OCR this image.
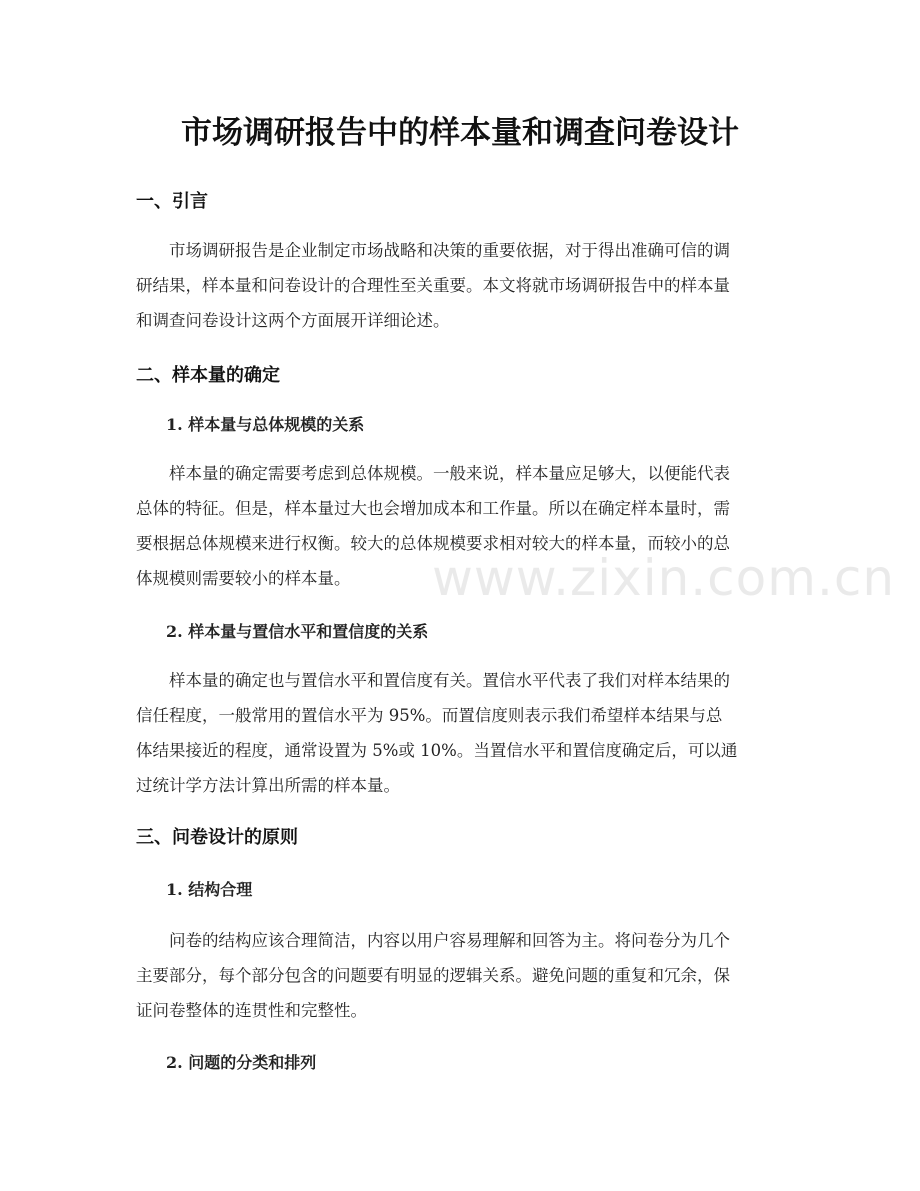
市场调研报告中的样本量和调查问卷设计
一、引言
市场调研报告是企业制定市场战略和决策的重要依据，对于得出准确可信的调
研结果，样本量和问卷设计的合理性至关重要。本文将就市场调研报告中的样本量
和调查问卷设计这两个方面展开详细论述。
二、样本量的确定
1. 样本量与总体规模的关系
样本量的确定需要考虑到总体规模。一般来说，样本量应足够大，以便能代表
总体的特征。但是，样本量过大也会增加成本和工作量。所以在确定样本量时，需
要根据总体规模来进行权衡。较大的总体规模要求相对较大的样本量，而较小的总
体规模则需要较小的样本量。
2. 样本量与置信水平和置信度的关系
样本量的确定也与置信水平和置信度有关。置信水平代表了我们对样本结果的
信任程度，一般常用的置信水平为 95%。而置信度则表示我们希望样本结果与总
体结果接近的程度，通常设置为 5%或 10%。当置信水平和置信度确定后，可以通
过统计学方法计算出所需的样本量。
三、问卷设计的原则
1. 结构合理
问卷的结构应该合理简洁，内容以用户容易理解和回答为主。将问卷分为几个
主要部分，每个部分包含的问题要有明显的逻辑关系。避免问题的重复和冗余，保
证问卷整体的连贯性和完整性。
2. 问题的分类和排列
www.zixin.com.cn
